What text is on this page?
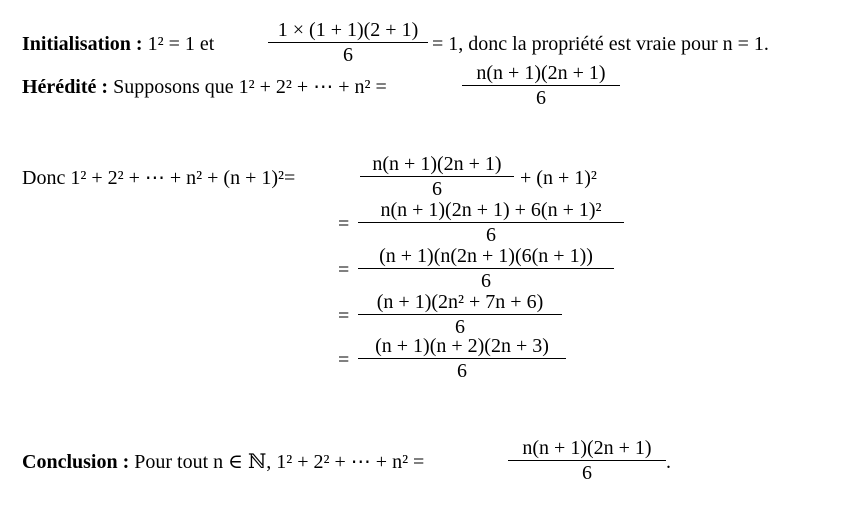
Initialisation : 1² = 1 et
1 × (1 + 1)(2 + 1)
6
= 1, donc la propriété est vraie pour n = 1.
Hérédité : Supposons que 1² + 2² + ⋯ + n² =
n(n + 1)(2n + 1)
6
Donc 1² + 2² + ⋯ + n² + (n + 1)²=
n(n + 1)(2n + 1)
6
+ (n + 1)²
=
n(n + 1)(2n + 1) + 6(n + 1)²
6
=
(n + 1)(n(2n + 1)(6(n + 1))
6
=
(n + 1)(2n² + 7n + 6)
6
=
(n + 1)(n + 2)(2n + 3)
6
Conclusion : Pour tout n ∈ ℕ, 1² + 2² + ⋯ + n² =
n(n + 1)(2n + 1)
6
.
